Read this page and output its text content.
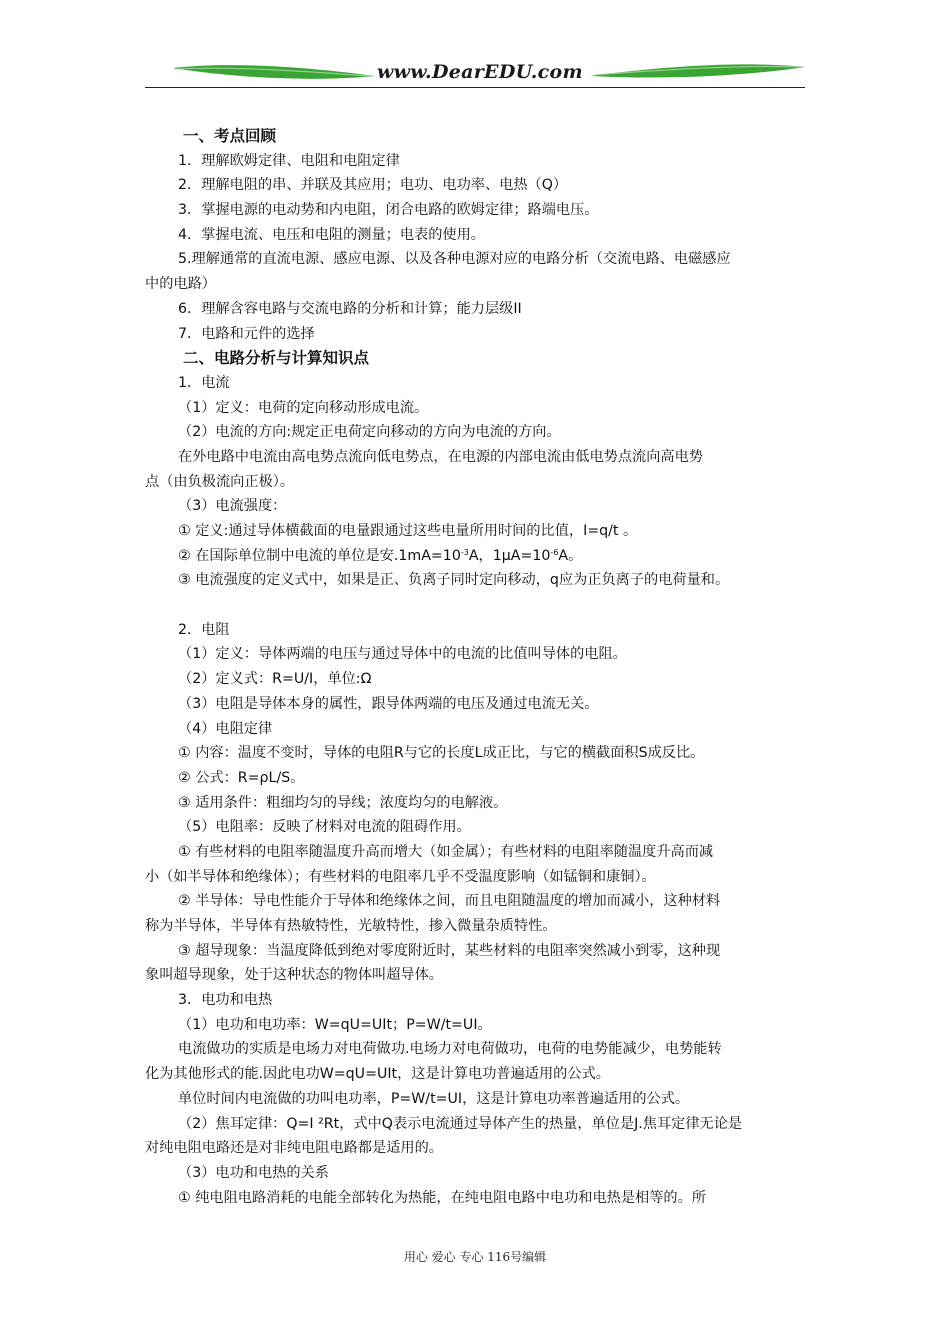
www.DearEDU.com
一、考点回顾
1．理解欧姆定律、电阻和电阻定律
2．理解电阻的串、并联及其应用；电功、电功率、电热（Q）
3．掌握电源的电动势和内电阻，闭合电路的欧姆定律；路端电压。
4．掌握电流、电压和电阻的测量；电表的使用。
5.理解通常的直流电源、感应电源、以及各种电源对应的电路分析（交流电路、电磁感应
中的电路）
6．理解含容电路与交流电路的分析和计算；能力层级II
7．电路和元件的选择
二、电路分析与计算知识点
1．电流
（1）定义：电荷的定向移动形成电流。
（2）电流的方向:规定正电荷定向移动的方向为电流的方向。
在外电路中电流由高电势点流向低电势点，在电源的内部电流由低电势点流向高电势
点（由负极流向正极）。
（3）电流强度：
① 定义:通过导体横截面的电量跟通过这些电量所用时间的比值，I=q/t 。
② 在国际单位制中电流的单位是安$.1mA=10^{-3}A$，$1\mu A=10^{-6}A$。
③ 电流强度的定义式中，如果是正、负离子同时定向移动，q应为正负离子的电荷量和。
2．电阻
（1）定义：导体两端的电压与通过导体中的电流的比值叫导体的电阻。
（2）定义式：R=U/I，单位:Ω
（3）电阻是导体本身的属性，跟导体两端的电压及通过电流无关。
（4）电阻定律
① 内容：温度不变时，导体的电阻R与它的长度L成正比，与它的横截面积S成反比。
② 公式：R=ρL/S。
③ 适用条件：粗细均匀的导线；浓度均匀的电解液。
（5）电阻率：反映了材料对电流的阻碍作用。
① 有些材料的电阻率随温度升高而增大（如金属）；有些材料的电阻率随温度升高而减
小（如半导体和绝缘体）；有些材料的电阻率几乎不受温度影响（如锰铜和康铜）。
② 半导体：导电性能介于导体和绝缘体之间，而且电阻随温度的增加而减小，这种材料
称为半导体，半导体有热敏特性，光敏特性，掺入微量杂质特性。
③ 超导现象：当温度降低到绝对零度附近时，某些材料的电阻率突然减小到零，这种现
象叫超导现象，处于这种状态的物体叫超导体。
3．电功和电热
（1）电功和电功率：W=qU=UIt；P=W/t=UI。
电流做功的实质是电场力对电荷做功.电场力对电荷做功，电荷的电势能减少，电势能转
化为其他形式的能.因此电功W=qU=UIt，这是计算电功普遍适用的公式。
单位时间内电流做的功叫电功率，P=W/t=UI，这是计算电功率普遍适用的公式。
（2）焦耳定律：Q=I ²Rt，式中Q表示电流通过导体产生的热量，单位是J.焦耳定律无论是
对纯电阻电路还是对非纯电阻电路都是适用的。
（3）电功和电热的关系
① 纯电阻电路消耗的电能全部转化为热能，在纯电阻电路中电功和电热是相等的。所
用心 爱心 专心 116号编辑
